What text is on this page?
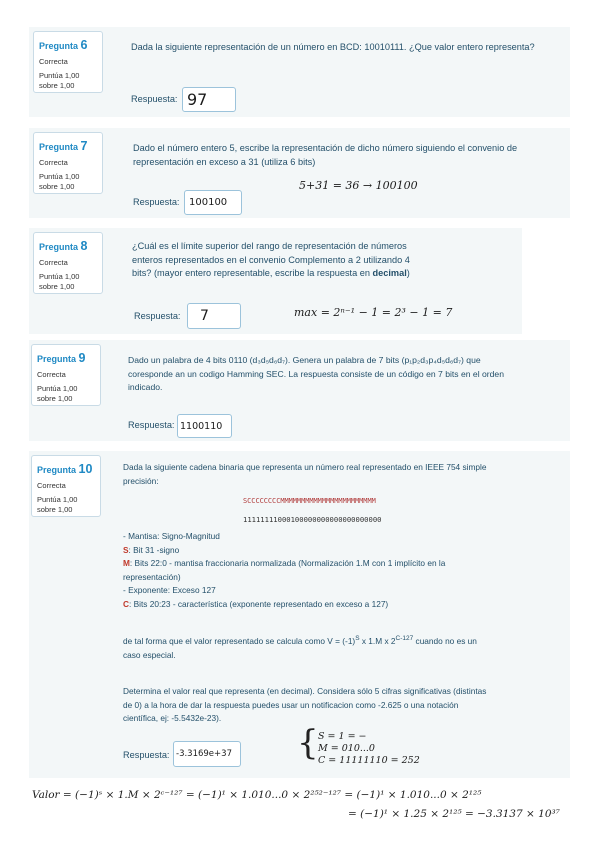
Pregunta 6
Correcta
Puntúa 1,00
sobre 1,00
Dada la siguiente representación de un número en BCD: 10010111. ¿Que valor entero representa?
Respuesta: 97
Pregunta 7
Correcta
Puntúa 1,00
sobre 1,00
Dado el número entero 5, escribe la representación de dicho número siguiendo el convenio de
representación en exceso a 31 (utiliza 6 bits)
Respuesta: 100100
5+31 = 36 → 100100
Pregunta 8
Correcta
Puntúa 1,00
sobre 1,00
¿Cuál es el límite superior del rango de representación de números
enteros representados en el convenio Complemento a 2 utilizando 4
bits? (mayor entero representable, escribe la respuesta en decimal)
Respuesta:	7	max = 2ⁿ⁻¹ − 1 = 2³ − 1 = 7
Pregunta 9
Correcta
Puntúa 1,00
sobre 1,00
Dado un palabra de 4 bits 0110 (d₃d₅d₆d₇). Genera un palabra de 7 bits (p₁p₂d₃p₄d₅d₆d₇) que
coresponde an un codigo Hamming SEC. La respuesta consiste de un código en 7 bits en el orden
indicado.
Respuesta: 1100110
Pregunta 10
Correcta
Puntúa 1,00
sobre 1,00
Dada la siguiente cadena binaria que representa un número real representado en IEEE 754 simple
precisión:
SCCCCCCCCMMMMMMMMMMMMMMMMMMMMMMM
11111111000100000000000000000000
- Mantisa: Signo-Magnitud
S: Bit 31 -signo
M: Bits 22:0 - mantisa fraccionaria normalizada (Normalización 1.M con 1 implícito en la
representación)
- Exponente: Exceso 127
C: Bits 20:23 - característica (exponente representado en exceso a 127)
de tal forma que el valor representado se calcula como $V = (-1)^S$ x 1.M x $2^{C-127}$ cuando no es un
caso especial.
Determina el valor real que representa (en decimal). Considera sólo 5 cifras significativas (distintas
de 0) a la hora de dar la respuesta puedes usar un notificacion como -2.625 o una notación
científica, ej: -5.5432e-23).
Respuesta: -3.3169e+37 { S = 1 = −
M = 010...0
C = 11111110 = 252
Valor = (−1)ˢ × 1.M × 2ᶜ⁻¹²⁷ = (−1)¹ × 1.010...0 × 2²⁵²⁻¹²⁷ = (−1)¹ × 1.010...0 × 2¹²⁵
= (−1)¹ × 1.25 × 2¹²⁵ = −3.3137 × 10³⁷
